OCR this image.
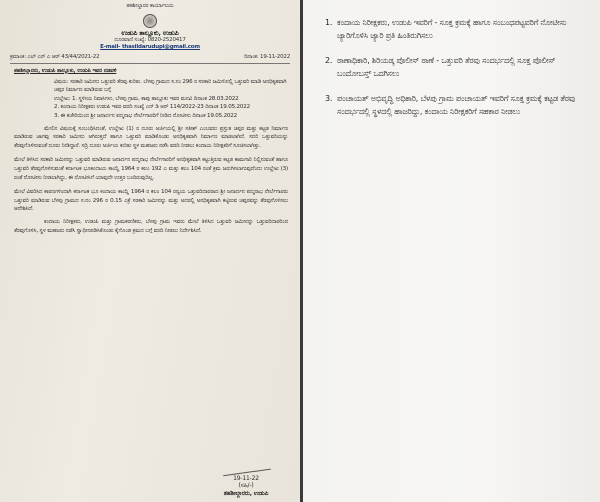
ತಹಶೀಲ್ದಾರರ ಕಾರ್ಯಾಲಯ
ಉಡುಪಿ ತಾಲ್ಲೂಕು, ಉಡುಪಿ
ದೂರವಾಣಿ ಸಂಖ್ಯೆ: 0820-2520417
E-mail- thasildarudupi@gmail.com
ಕ್ರಮಾಂಕ: ಎಲ್ ಎನ್ ಎ ಆರ್ 43/44/2021-22	ದಿನಾಂಕ: 19-11-2022
ತಹಶೀಲ್ದಾರರು, ಉಡುಪಿ ತಾಲ್ಲೂಕು, ಉಡುಪಿ ಇವರ ನಡವಳಿ
ವಿಷಯ: ಸರಕಾರಿ ಜಮೀನು ಒತ್ತುವರಿ ತೆರವು ಕುರಿತು. ಬೆಳಪು ಗ್ರಾಮದ ಸ.ನಂ 296 ರ ಸರಕಾರಿ ಜಮೀನಿನಲ್ಲಿ ಒತ್ತುವರಿ ಮಾಡಿ ಅನಧಿಕೃತವಾಗಿ ಚಪ್ಪರ ನಿರ್ಮಾಣ ಮಾಡಿರುವ ಬಗ್ಗೆ
ಉಲ್ಲೇಖ: 1. ಸ್ಥಳೀಯ ನಿವಾಸಿಗಳು, ಬೆಳಪು ಗ್ರಾಮ, ಕಾಪು ತಾಲ್ಲೂಕು ಇವರ ಮನವಿ ದಿನಾಂಕ 28.03.2022
2. ಕಂದಾಯ ನಿರೀಕ್ಷಕರು ಉಡುಪಿ ಇವರ ವರದಿ ಸಂಖ್ಯೆ ಎನ್ ಡಿ ಆರ್ 114/2022-23 ದಿನಾಂಕ 19.05.2022
3. ಈ ಕಚೇರಿಯಿಂದ ಶ್ರೀ ಜನಾರ್ದನ ಪದ್ಮನಾಭ ನೇರ್ಲೆಗಾರರಿಗೆ ನೀಡಿದ ನೋಟೀಸು ದಿನಾಂಕ 19.05.2022
ಮೇಲಿನ ವಿಷಯಕ್ಕೆ ಸಂಬಂಧಿಸಿದಂತೆ, ಉಲ್ಲೇಖ (1) ರ ದೂರು ಅರ್ಜಿಯಲ್ಲಿ ಶ್ರೀ ಸತೀಶ್ ಎಂಬವರು ಪ್ರಸ್ತುತ ಚಪ್ಪರ ಮತ್ತು ಕಟ್ಟಡ ನಿರ್ಮಾಣ ಮಾಡಿರುವ ಜಾಗವು ಸರಕಾರಿ ಜಮೀನು ಆಗಿರುತ್ತದೆ ಹಾಗೂ ಒತ್ತುವರಿ ಮಾಡಿಕೊಂಡು ಅನಧಿಕೃತವಾಗಿ ನಿರ್ಮಾಣ ಮಾಡಲಾಗಿದೆ. ಸದರಿ ಒತ್ತುವರಿಯನ್ನು ತೆರವುಗೊಳಿಸುವಂತೆ ದೂರು ನೀಡಿದ್ದಾರೆ. ಸದ್ರಿ ದೂರು ಅರ್ಜಿಯ ಕುರಿತು ಸ್ಥಳ ಮಹಜರು ನಡೆಸಿ ವರದಿ ನೀಡಲು ಕಂದಾಯ ನಿರೀಕ್ಷಕರಿಗೆ ಸೂಚಿಸಲಾಗಿತ್ತು.
ಮೇಲೆ ತಿಳಿಸಿದ ಸರಕಾರಿ ಜಮೀನನ್ನು ಒತ್ತುವರಿ ಮಾಡಿರುವ ಜನಾರ್ದನ ಪದ್ಮನಾಭ ನೇರ್ಲೆಗಾರರಿಗೆ ಅನಧಿಕೃತವಾಗಿ ಕಟ್ಟುತ್ತಿರುವ ಕಟ್ಟಡ ಕಾಮಗಾರಿ ನಿಲ್ಲಿಸುವಂತೆ ಹಾಗೂ ಒತ್ತುವರಿ ತೆರವುಗೊಳಿಸುವಂತೆ ಕರ್ನಾಟಕ ಭೂಕಂದಾಯ ಕಾಯ್ದೆ 1964 ರ ಕಲಂ 192 ಎ ಮತ್ತು ಕಲಂ 104 ರಂತೆ ಕ್ರಮ ಜರುಗಿಸಲಾಗುವುದೆಂದು ಉಲ್ಲೇಖ (3) ರಂತೆ ನೋಟೀಸು ನೀಡಲಾಗಿದ್ದು, ಈ ನೋಟೀಸಿಗೆ ಯಾವುದೇ ಉತ್ತರ ಬಂದಿರುವುದಿಲ್ಲ.
ಮೇಲೆ ವಿವರಿಸಿದ ಕಾರಣಗಳಿಂದಾಗಿ ಕರ್ನಾಟಕ ಭೂ ಕಂದಾಯ ಕಾಯ್ದೆ 1964 ರ ಕಲಂ 104 ರನ್ವಯ ಒತ್ತುವರಿದಾರರಾದ ಶ್ರೀ ಜನಾರ್ದನ ಪದ್ಮನಾಭ ನೇರ್ಲೆಗಾರರು ಒತ್ತುವರಿ ಮಾಡಿರುವ ಬೆಳಪು ಗ್ರಾಮದ ಸ.ನಂ 296 ರ 0.15 ಎಕ್ರೆ ಸರಕಾರಿ ಜಮೀನನ್ನು ಮತ್ತು ಅದರಲ್ಲಿ ಅನಧಿಕೃತವಾಗಿ ಕಟ್ಟಿರುವ ಚಪ್ಪರವನ್ನು ತೆರವುಗೊಳಿಸಲು ಆದೇಶಿಸಿದೆ.
ಕಂದಾಯ ನಿರೀಕ್ಷಕರು, ಉಡುಪಿ ಮತ್ತು ಗ್ರಾಮಕರಣಿಕರು, ಬೆಳಪು ಗ್ರಾಮ ಇವರು ಮೇಲೆ ತಿಳಿಸಿದ ಒತ್ತುವರಿ ಜಮೀನನ್ನು ಒತ್ತುವರಿದಾರರಿಂದ ತೆರವುಗೊಳಿಸಿ, ಸ್ಥಳ ಮಹಜರು ನಡೆಸಿ ಸ್ವಾಧೀನಪಡಿಸಿಕೊಂಡು ಕೈಗೊಂಡ ಕ್ರಮದ ಬಗ್ಗೆ ವರದಿ ನೀಡಲು ನಿರ್ದೇಶಿಸಿದೆ.
19-11-22
(ಸಹಿ/-)
ತಹಶೀಲ್ದಾರರು, ಉಡುಪಿ
1. ಕಂದಾಯ ನಿರೀಕ್ಷಕರು, ಉಡುಪಿ ಇವರಿಗೆ - ಸೂಕ್ತ ಕ್ರಮಕ್ಕೆ ಹಾಗೂ ಸಂಬಂಧಪಟ್ಟವರಿಗೆ ನೋಟೀಸು ಜ್ಯಾರಿಗೊಳಿಸಿ ಜ್ಯಾರಿ ಪ್ರತಿ ಹಿಂತಿರುಗಿಸಲು
2. ಠಾಣಾಧಿಕಾರಿ, ಶಿರಿಯಡ್ಕ ಪೊಲೀಸ್ ಠಾಣೆ - ಒತ್ತುವರಿ ತೆರವು ಸಂದರ್ಭದಲ್ಲಿ ಸೂಕ್ತ ಪೊಲೀಸ್ ಬಂದೋಬಸ್ತ್ ಒದಗಿಸಲು
3. ಪಂಚಾಯತ್ ಅಭಿವೃದ್ಧಿ ಅಧಿಕಾರಿ, ಬೆಳಪು ಗ್ರಾಮ ಪಂಚಾಯತ್ ಇವರಿಗೆ ಸೂಕ್ತ ಕ್ರಮಕ್ಕೆ ಕಟ್ಟಡ ತೆರವು ಸಂದರ್ಭದಲ್ಲಿ ಸ್ಥಳದಲ್ಲಿ ಹಾಜರಿದ್ದು, ಕಂದಾಯ ನಿರೀಕ್ಷಕರಿಗೆ ಸಹಕಾರ ನೀಡಲು
